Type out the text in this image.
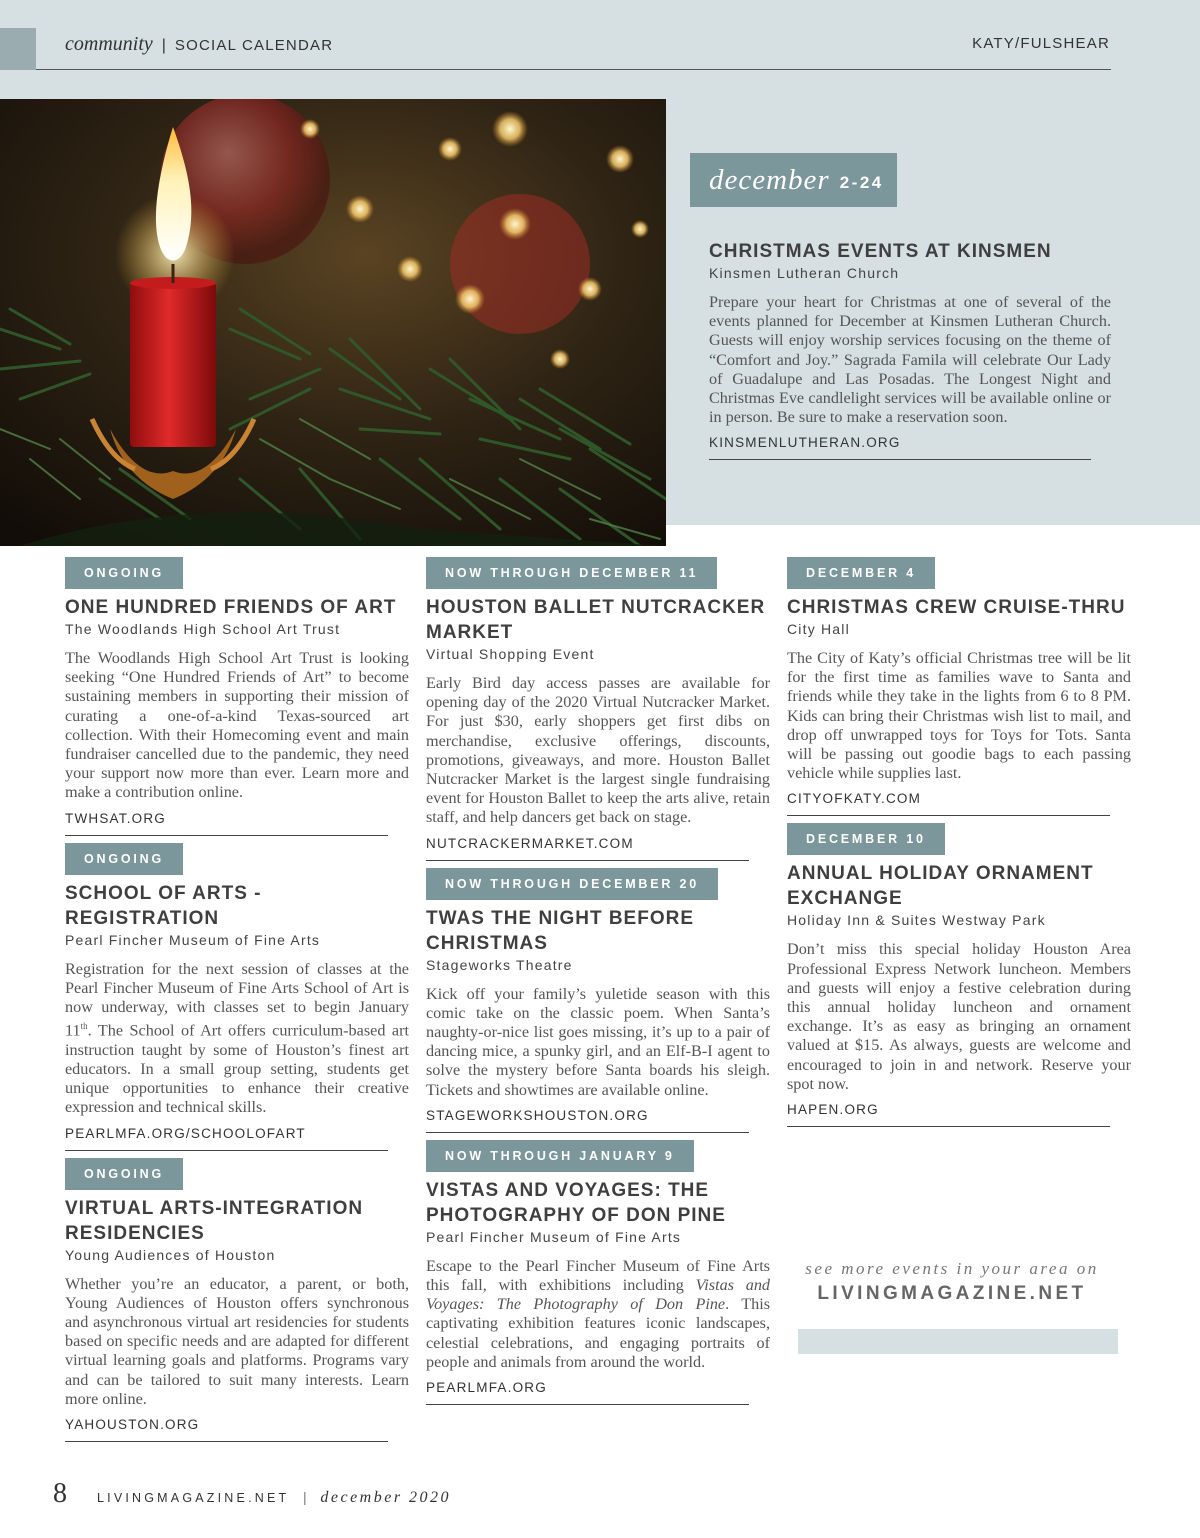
community | SOCIAL CALENDAR	KATY/FULSHEAR
december 2-24
CHRISTMAS EVENTS AT KINSMEN
Kinsmen Lutheran Church
Prepare your heart for Christmas at one of several of the events planned for December at Kinsmen Lutheran Church. Guests will enjoy worship services focusing on the theme of “Comfort and Joy.” Sagrada Famila will celebrate Our Lady of Guadalupe and Las Posadas. The Longest Night and Christmas Eve candlelight services will be available online or in person. Be sure to make a reservation soon.
KINSMENLUTHERAN.ORG
ONGOING
ONE HUNDRED FRIENDS OF ART
The Woodlands High School Art Trust
The Woodlands High School Art Trust is looking seeking “One Hundred Friends of Art” to become sustaining members in supporting their mission of curating a one-of-a-kind Texas-sourced art collection. With their Homecoming event and main fundraiser cancelled due to the pandemic, they need your support now more than ever. Learn more and make a contribution online.
TWHSAT.ORG
ONGOING
SCHOOL OF ARTS - REGISTRATION
Pearl Fincher Museum of Fine Arts
Registration for the next session of classes at the Pearl Fincher Museum of Fine Arts School of Art is now underway, with classes set to begin January 11th. The School of Art offers curriculum-based art instruction taught by some of Houston’s finest art educators. In a small group setting, students get unique opportunities to enhance their creative expression and technical skills.
PEARLMFA.ORG/SCHOOLOFART
ONGOING
VIRTUAL ARTS-INTEGRATION RESIDENCIES
Young Audiences of Houston
Whether you’re an educator, a parent, or both, Young Audiences of Houston offers synchronous and asynchronous virtual art residencies for students based on specific needs and are adapted for different virtual learning goals and platforms. Programs vary and can be tailored to suit many interests. Learn more online.
YAHOUSTON.ORG
NOW THROUGH DECEMBER 11
HOUSTON BALLET NUTCRACKER MARKET
Virtual Shopping Event
Early Bird day access passes are available for opening day of the 2020 Virtual Nutcracker Market. For just $30, early shoppers get first dibs on merchandise, exclusive offerings, discounts, promotions, giveaways, and more. Houston Ballet Nutcracker Market is the largest single fundraising event for Houston Ballet to keep the arts alive, retain staff, and help dancers get back on stage.
NUTCRACKERMARKET.COM
NOW THROUGH DECEMBER 20
TWAS THE NIGHT BEFORE CHRISTMAS
Stageworks Theatre
Kick off your family’s yuletide season with this comic take on the classic poem. When Santa’s naughty-or-nice list goes missing, it’s up to a pair of dancing mice, a spunky girl, and an Elf-B-I agent to solve the mystery before Santa boards his sleigh. Tickets and showtimes are available online.
STAGEWORKSHOUSTON.ORG
NOW THROUGH JANUARY 9
VISTAS AND VOYAGES: THE PHOTOGRAPHY OF DON PINE
Pearl Fincher Museum of Fine Arts
Escape to the Pearl Fincher Museum of Fine Arts this fall, with exhibitions including Vistas and Voyages: The Photography of Don Pine. This captivating exhibition features iconic landscapes, celestial celebrations, and engaging portraits of people and animals from around the world.
PEARLMFA.ORG
DECEMBER 4
CHRISTMAS CREW CRUISE-THRU
City Hall
The City of Katy’s official Christmas tree will be lit for the first time as families wave to Santa and friends while they take in the lights from 6 to 8 PM. Kids can bring their Christmas wish list to mail, and drop off unwrapped toys for Toys for Tots. Santa will be passing out goodie bags to each passing vehicle while supplies last.
CITYOFKATY.COM
DECEMBER 10
ANNUAL HOLIDAY ORNAMENT EXCHANGE
Holiday Inn & Suites Westway Park
Don’t miss this special holiday Houston Area Professional Express Network luncheon. Members and guests will enjoy a festive celebration during this annual holiday luncheon and ornament exchange. It’s as easy as bringing an ornament valued at $15. As always, guests are welcome and encouraged to join in and network. Reserve your spot now.
HAPEN.ORG
see more events in your area on
LIVINGMAGAZINE.NET
8 LIVINGMAGAZINE.NET | december 2020
